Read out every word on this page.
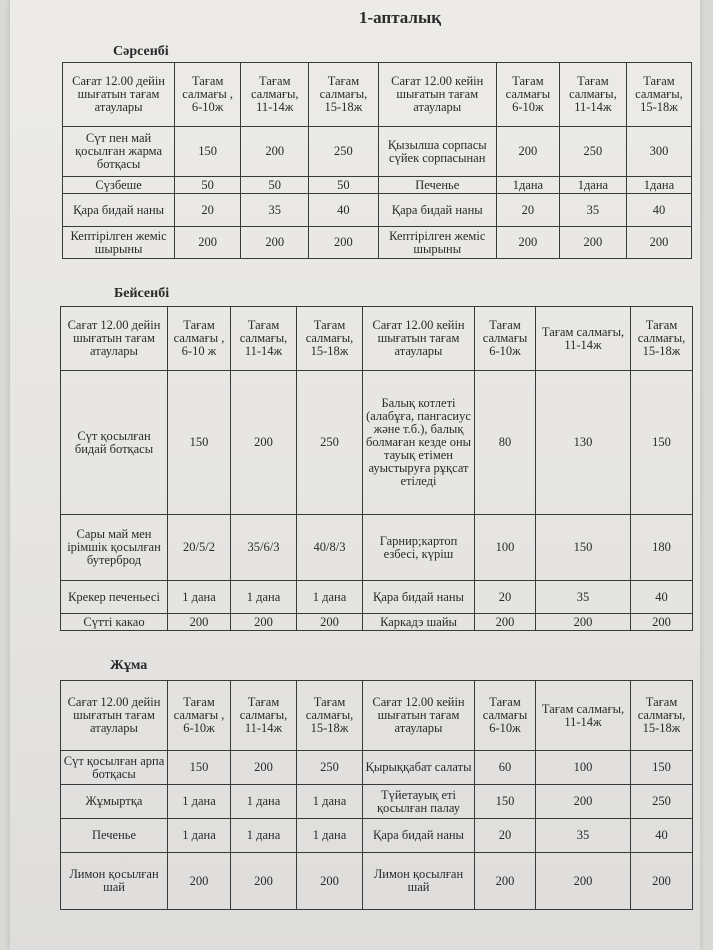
1-апталық
Сәрсенбі
Сағат 12.00 дейін шығатын тағам атаулары	Тағам салмағы , 6-10ж	Тағам салмағы, 11-14ж	Тағам салмағы, 15-18ж	Сағат 12.00 кейін шығатын тағам атаулары	Тағам салмағы 6-10ж	Тағам салмағы, 11-14ж	Тағам салмағы, 15-18ж
Сүт пен май қосылған жарма ботқасы	150	200	250	Қызылша сорпасы сүйек сорпасынан	200	250	300
Сүзбеше	50	50	50	Печенье	1дана	1дана	1дана
Қара бидай наны	20	35	40	Қара бидай наны	20	35	40
Кептірілген жеміс шырыны	200	200	200	Кептірілген жеміс шырыны	200	200	200
Бейсенбі
Сағат 12.00 дейін шығатын тағам атаулары	Тағам салмағы , 6-10 ж	Тағам салмағы, 11-14ж	Тағам салмағы, 15-18ж	Сағат 12.00 кейін шығатын тағам атаулары	Тағам салмағы 6-10ж	Тағам салмағы, 11-14ж	Тағам салмағы, 15-18ж
Сүт қосылған бидай ботқасы	150	200	250	Балық котлеті (алабұға, пангасиус және т.б.), балық болмаған кезде оны тауық етімен ауыстыруға рұқсат етіледі	80	130	150
Сары май мен ірімшік қосылған бутерброд	20/5/2	35/6/3	40/8/3	Гарнир;картоп езбесі, күріш	100	150	180
Крекер печеньесі	1 дана	1 дана	1 дана	Қара бидай наны	20	35	40
Сүтті какао	200	200	200	Каркадэ шайы	200	200	200
Жұма
Сағат 12.00 дейін шығатын тағам атаулары	Тағам салмағы , 6-10ж	Тағам салмағы, 11-14ж	Тағам салмағы, 15-18ж	Сағат 12.00 кейін шығатын тағам атаулары	Тағам салмағы 6-10ж	Тағам салмағы, 11-14ж	Тағам салмағы, 15-18ж
Сүт қосылған арпа ботқасы	150	200	250	Қырыққабат салаты	60	100	150
Жұмыртқа	1 дана	1 дана	1 дана	Түйетауық еті қосылған палау	150	200	250
Печенье	1 дана	1 дана	1 дана	Қара бидай наны	20	35	40
Лимон қосылған шай	200	200	200	Лимон қосылған шай	200	200	200
